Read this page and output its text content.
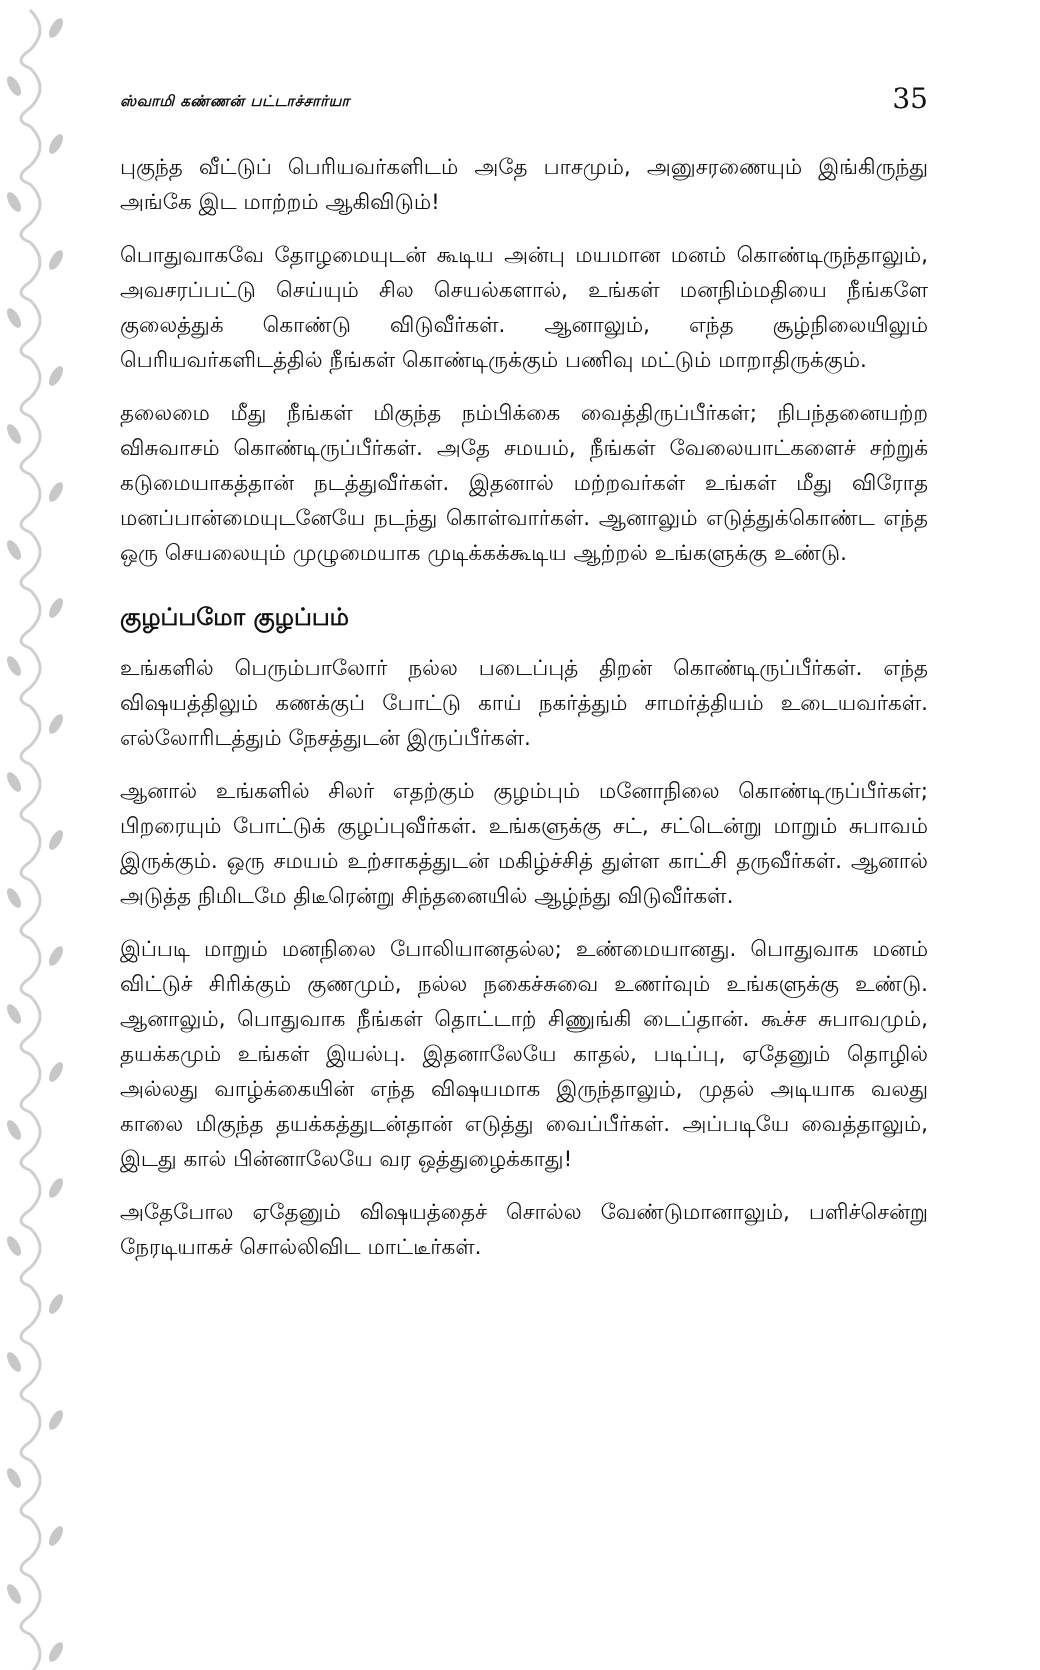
ஸ்வாமி கண்ணன் பட்டாச்சார்யா	35

புகுந்த வீட்டுப் பெரியவர்களிடம் அதே பாசமும், அனுசரணையும் இங்கிருந்து அங்கே இட மாற்றம் ஆகிவிடும்!

பொதுவாகவே தோழமையுடன் கூடிய அன்பு மயமான மனம் கொண்டிருந்தாலும், அவசரப்பட்டு செய்யும் சில செயல்களால், உங்கள் மனநிம்மதியை நீங்களே குலைத்துக் கொண்டு விடுவீர்கள். ஆனாலும், எந்த சூழ்நிலையிலும் பெரியவர்களிடத்தில் நீங்கள் கொண்டிருக்கும் பணிவு மட்டும் மாறாதிருக்கும்.

தலைமை மீது நீங்கள் மிகுந்த நம்பிக்கை வைத்திருப்பீர்கள்; நிபந்தனையற்ற விசுவாசம் கொண்டிருப்பீர்கள். அதே சமயம், நீங்கள் வேலையாட்களைச் சற்றுக் கடுமையாகத்தான் நடத்துவீர்கள். இதனால் மற்றவர்கள் உங்கள் மீது விரோத மனப்பான்மையுடனேயே நடந்து கொள்வார்கள். ஆனாலும் எடுத்துக்கொண்ட எந்த ஒரு செயலையும் முழுமையாக முடிக்கக்கூடிய ஆற்றல் உங்களுக்கு உண்டு.

குழப்பமோ குழப்பம்

உங்களில் பெரும்பாலோர் நல்ல படைப்புத் திறன் கொண்டிருப்பீர்கள். எந்த விஷயத்திலும் கணக்குப் போட்டு காய் நகர்த்தும் சாமர்த்தியம் உடையவர்கள். எல்லோரிடத்தும் நேசத்துடன் இருப்பீர்கள்.

ஆனால் உங்களில் சிலர் எதற்கும் குழம்பும் மனோநிலை கொண்டிருப்பீர்கள்; பிறரையும் போட்டுக் குழப்புவீர்கள். உங்களுக்கு சட், சட்டென்று மாறும் சுபாவம் இருக்கும். ஒரு சமயம் உற்சாகத்துடன் மகிழ்ச்சித் துள்ள காட்சி தருவீர்கள். ஆனால் அடுத்த நிமிடமே திடீரென்று சிந்தனையில் ஆழ்ந்து விடுவீர்கள்.

இப்படி மாறும் மனநிலை போலியானதல்ல; உண்மையானது. பொதுவாக மனம் விட்டுச் சிரிக்கும் குணமும், நல்ல நகைச்சுவை உணர்வும் உங்களுக்கு உண்டு. ஆனாலும், பொதுவாக நீங்கள் தொட்டாற் சிணுங்கி டைப்தான். கூச்ச சுபாவமும், தயக்கமும் உங்கள் இயல்பு. இதனாலேயே காதல், படிப்பு, ஏதேனும் தொழில் அல்லது வாழ்க்கையின் எந்த விஷயமாக இருந்தாலும், முதல் அடியாக வலது காலை மிகுந்த தயக்கத்துடன்தான் எடுத்து வைப்பீர்கள். அப்படியே வைத்தாலும், இடது கால் பின்னாலேயே வர ஒத்துழைக்காது!

அதேபோல ஏதேனும் விஷயத்தைச் சொல்ல வேண்டுமானாலும், பளிச்சென்று நேரடியாகச் சொல்லிவிட மாட்டீர்கள்.
